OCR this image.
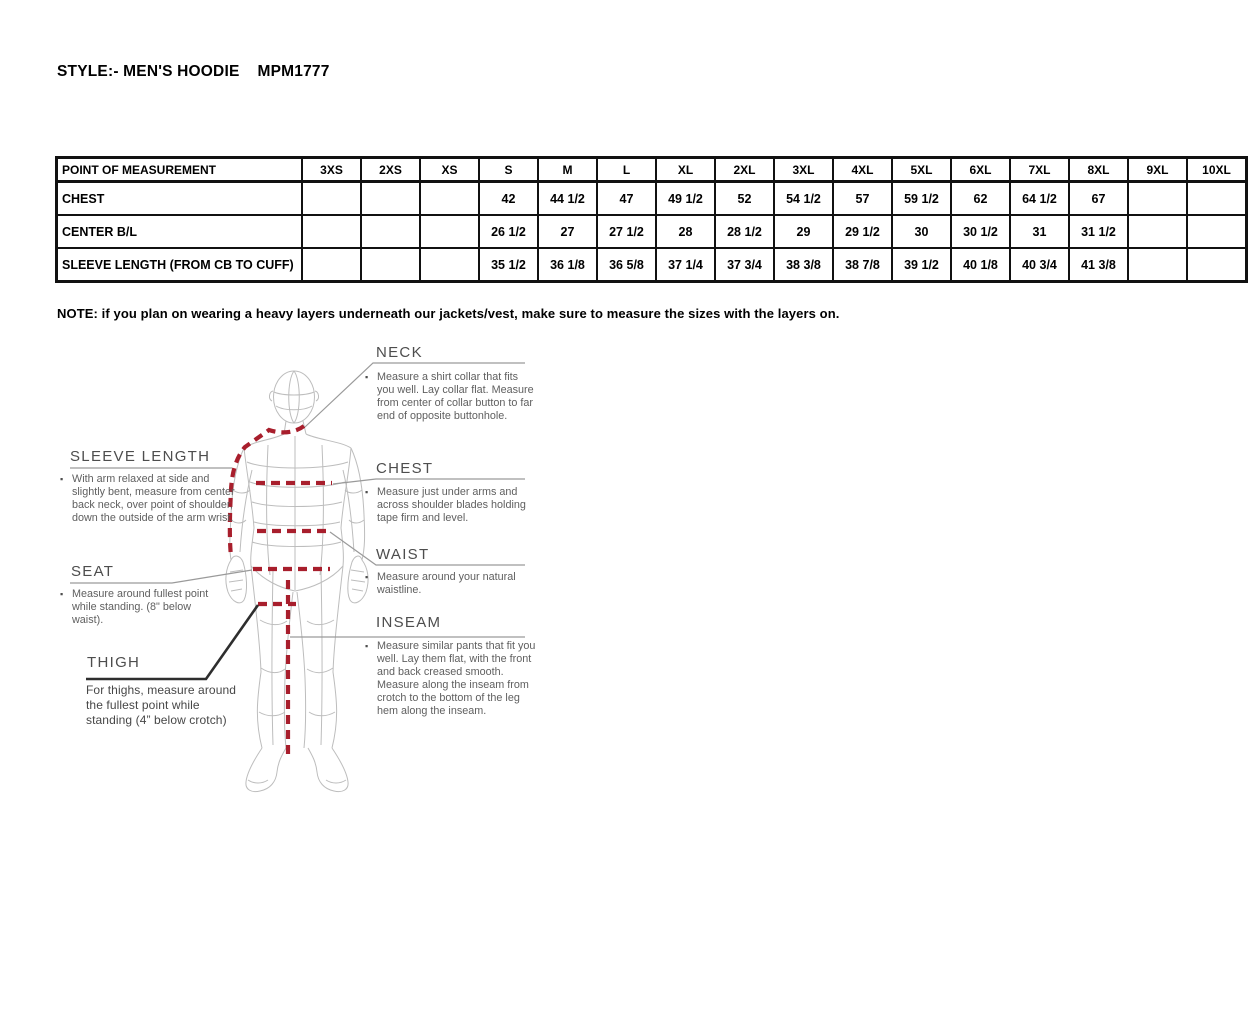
STYLE:- MEN'S HOODIE    MPM1777
POINT OF MEASUREMENT	3XS	2XS	XS	S	M	L	XL	2XL	3XL	4XL	5XL	6XL	7XL	8XL	9XL	10XL
CHEST				42	44 1/2	47	49 1/2	52	54 1/2	57	59 1/2	62	64 1/2	67		
CENTER B/L				26 1/2	27	27 1/2	28	28 1/2	29	29 1/2	30	30 1/2	31	31 1/2		
SLEEVE LENGTH (FROM CB TO CUFF)				35 1/2	36 1/8	36 5/8	37 1/4	37 3/4	38 3/8	38 7/8	39 1/2	40 1/8	40 3/4	41 3/8		
NOTE: if you plan on wearing a heavy layers underneath our jackets/vest, make sure to measure the sizes with the layers on.
NECK
▪ Measure a shirt collar that fits you well. Lay collar flat. Measure from center of collar button to far end of opposite buttonhole.
SLEEVE LENGTH
▪ With arm relaxed at side and slightly bent, measure from center back neck, over point of shoulder, down the outside of the arm wrist.
CHEST
▪ Measure just under arms and across shoulder blades holding tape firm and level.
WAIST
▪ Measure around your natural waistline.
SEAT
▪ Measure around fullest point while standing. (8" below waist).
THIGH
For thighs, measure around the fullest point while standing (4” below crotch)
INSEAM
▪ Measure similar pants that fit you well. Lay them flat, with the front and back creased smooth. Measure along the inseam from crotch to the bottom of the leg hem along the inseam.
